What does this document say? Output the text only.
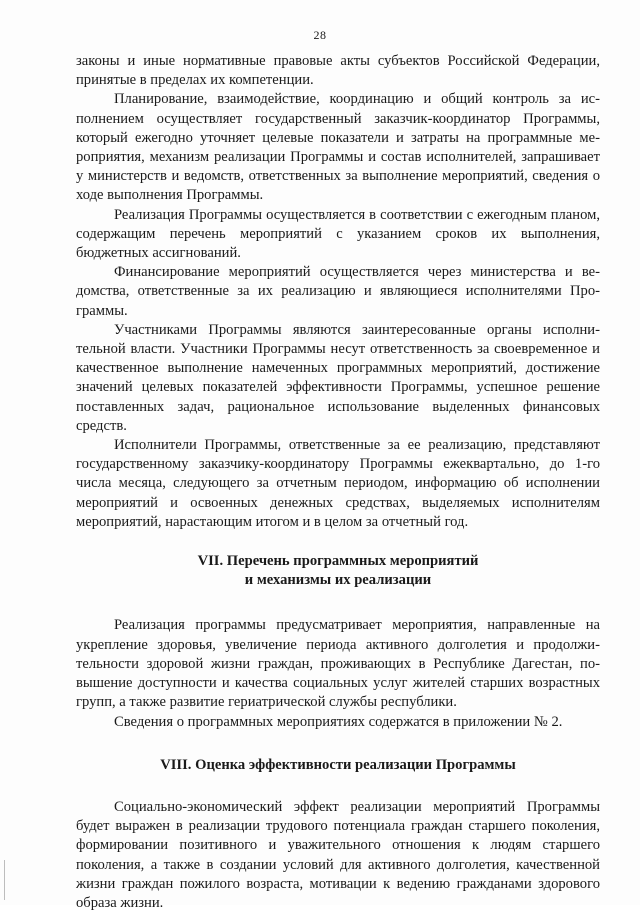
28

законы и иные нормативные правовые акты субъектов Российской Федерации, принятые в пределах их компетенции.

Планирование, взаимодействие, координацию и общий контроль за исполнением осуществляет государственный заказчик-координатор Программы, который ежегодно уточняет целевые показатели и затраты на программные мероприятия, механизм реализации Программы и состав исполнителей, запрашивает у министерств и ведомств, ответственных за выполнение мероприятий, сведения о ходе выполнения Программы.

Реализация Программы осуществляется в соответствии с ежегодным планом, содержащим перечень мероприятий с указанием сроков их выполнения, бюджетных ассигнований.

Финансирование мероприятий осуществляется через министерства и ведомства, ответственные за их реализацию и являющиеся исполнителями Программы.

Участниками Программы являются заинтересованные органы исполнительной власти. Участники Программы несут ответственность за своевременное и качественное выполнение намеченных программных мероприятий, достижение значений целевых показателей эффективности Программы, успешное решение поставленных задач, рациональное использование выделенных финансовых средств.

Исполнители Программы, ответственные за ее реализацию, представляют государственному заказчику-координатору Программы ежеквартально, до 1-го числа месяца, следующего за отчетным периодом, информацию об исполнении мероприятий и освоенных денежных средствах, выделяемых исполнителям мероприятий, нарастающим итогом и в целом за отчетный год.

VII. Перечень программных мероприятий
и механизмы их реализации

Реализация программы предусматривает мероприятия, направленные на укрепление здоровья, увеличение периода активного долголетия и продолжительности здоровой жизни граждан, проживающих в Республике Дагестан, повышение доступности и качества социальных услуг жителей старших возрастных групп, а также развитие гериатрической службы республики.

Сведения о программных мероприятиях содержатся в приложении № 2.

VIII. Оценка эффективности реализации Программы

Социально-экономический эффект реализации мероприятий Программы будет выражен в реализации трудового потенциала граждан старшего поколения, формировании позитивного и уважительного отношения к людям старшего поколения, а также в создании условий для активного долголетия, качественной жизни граждан пожилого возраста, мотивации к ведению гражданами здорового образа жизни.
